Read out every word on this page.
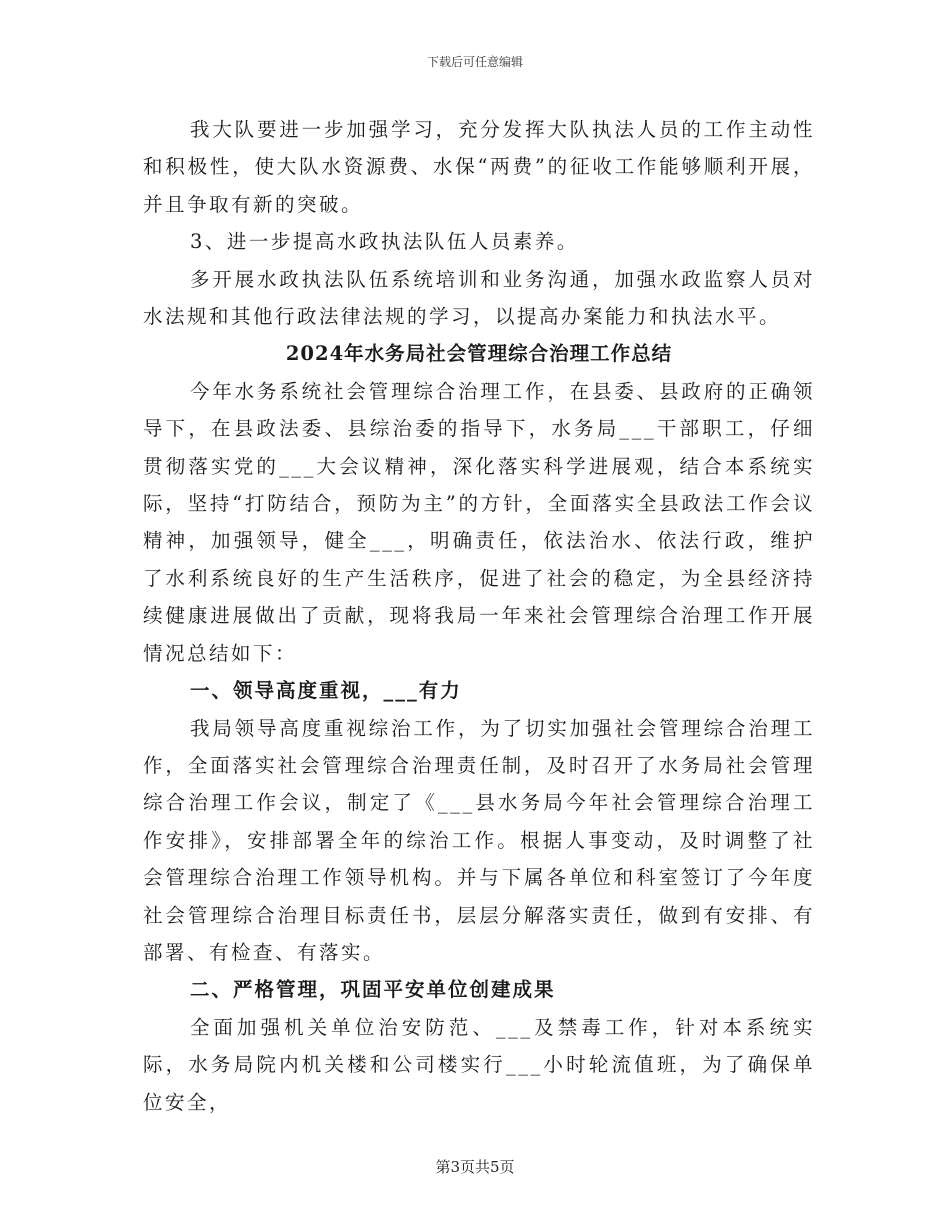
下载后可任意编辑

我大队要进一步加强学习，充分发挥大队执法人员的工作主动性和积极性，使大队水资源费、水保“两费”的征收工作能够顺利开展，并且争取有新的突破。

3、进一步提高水政执法队伍人员素养。

多开展水政执法队伍系统培训和业务沟通，加强水政监察人员对水法规和其他行政法律法规的学习，以提高办案能力和执法水平。

2024年水务局社会管理综合治理工作总结

今年水务系统社会管理综合治理工作，在县委、县政府的正确领导下，在县政法委、县综治委的指导下，水务局___干部职工，仔细贯彻落实党的___大会议精神，深化落实科学进展观，结合本系统实际，坚持“打防结合，预防为主”的方针，全面落实全县政法工作会议精神，加强领导，健全___，明确责任，依法治水、依法行政，维护了水利系统良好的生产生活秩序，促进了社会的稳定，为全县经济持续健康进展做出了贡献，现将我局一年来社会管理综合治理工作开展情况总结如下：

一、领导高度重视，___有力

我局领导高度重视综治工作，为了切实加强社会管理综合治理工作，全面落实社会管理综合治理责任制，及时召开了水务局社会管理综合治理工作会议，制定了《___县水务局今年社会管理综合治理工作安排》，安排部署全年的综治工作。根据人事变动，及时调整了社会管理综合治理工作领导机构。并与下属各单位和科室签订了今年度社会管理综合治理目标责任书，层层分解落实责任，做到有安排、有部署、有检查、有落实。

二、严格管理，巩固平安单位创建成果

全面加强机关单位治安防范、___及禁毒工作，针对本系统实际，水务局院内机关楼和公司楼实行___小时轮流值班，为了确保单位安全，

第3页共5页
